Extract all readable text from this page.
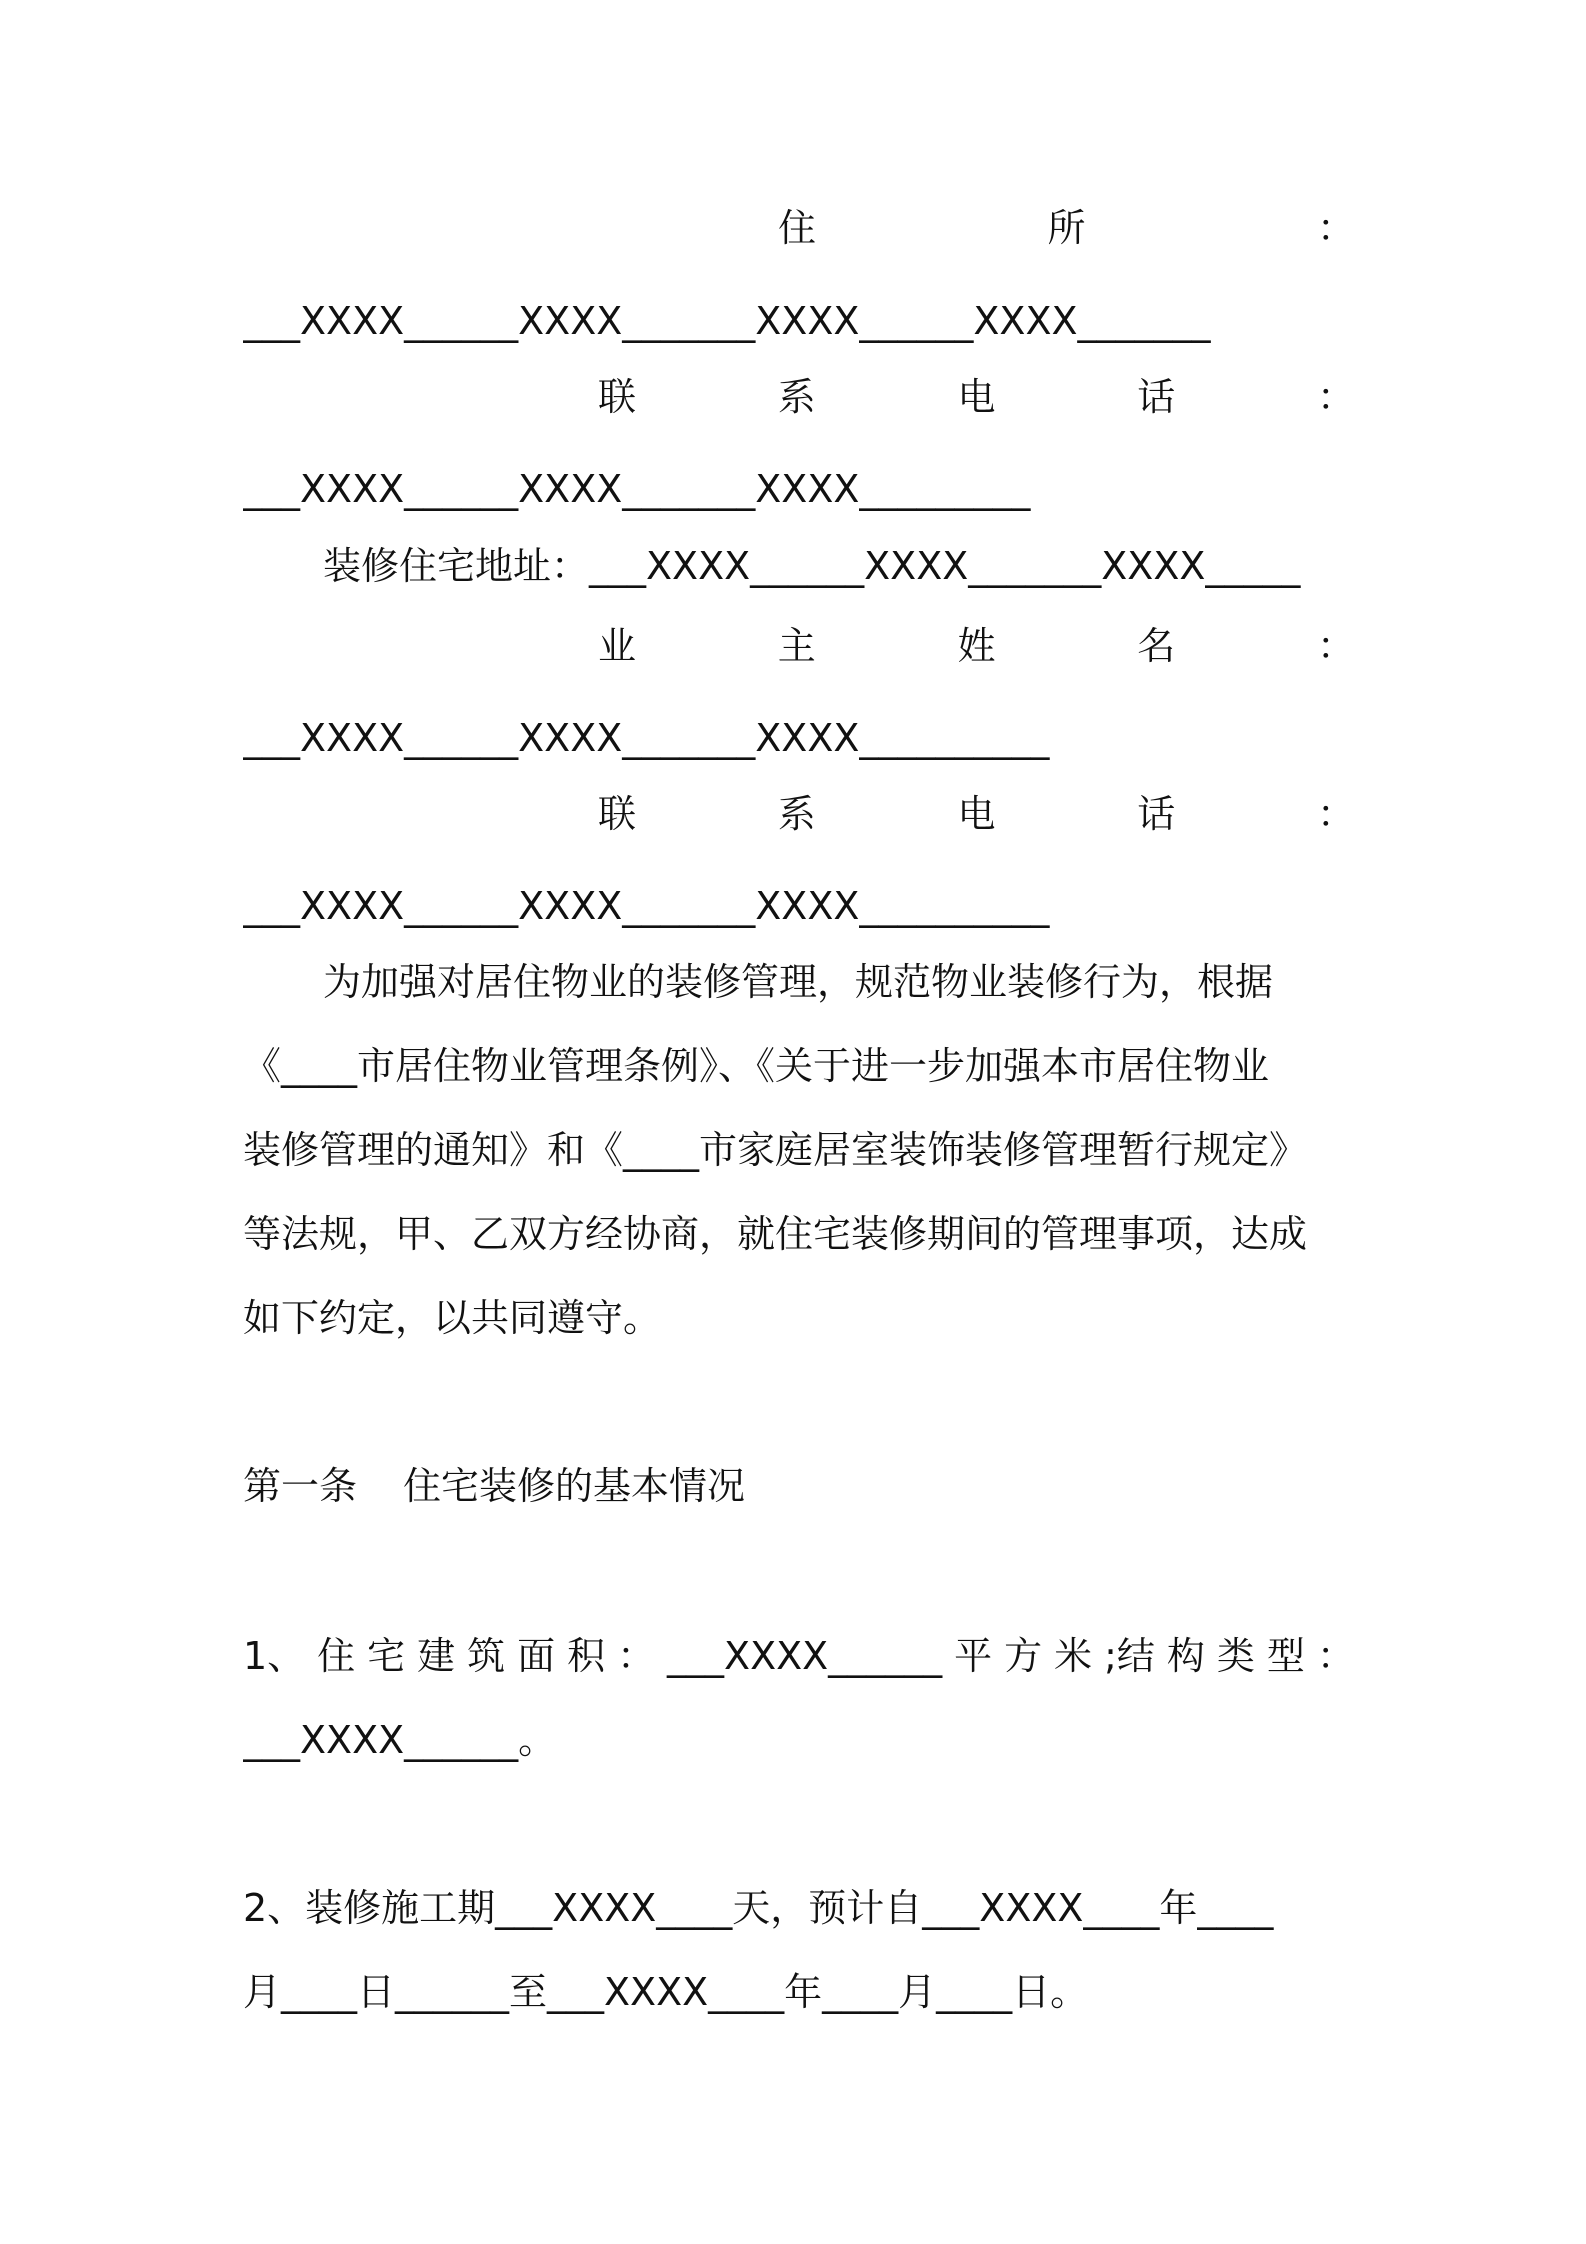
住	所	：
___XXXX______XXXX_______XXXX______XXXX_______
联	系	电	话	：
___XXXX______XXXX_______XXXX_________
装修住宅地址：___XXXX______XXXX_______XXXX_____
业	主	姓	名	：
___XXXX______XXXX_______XXXX__________
联	系	电	话	：
___XXXX______XXXX_______XXXX__________
为加强对居住物业的装修管理，规范物业装修行为，根据
《____市居住物业管理条例》、《关于进一步加强本市居住物业
装修管理的通知》和《____市家庭居室装饰装修管理暂行规定》
等法规，甲、乙双方经协商，就住宅装修期间的管理事项，达成
如下约定，以共同遵守。
第一条 住宅装修的基本情况
1、 住 宅 建 筑 面 积 ： ___XXXX______ 平 方 米 ;结 构 类 型 ：
___XXXX______。
2、装修施工期___XXXX____天，预计自___XXXX____年____
月____日______至___XXXX____年____月____日。
